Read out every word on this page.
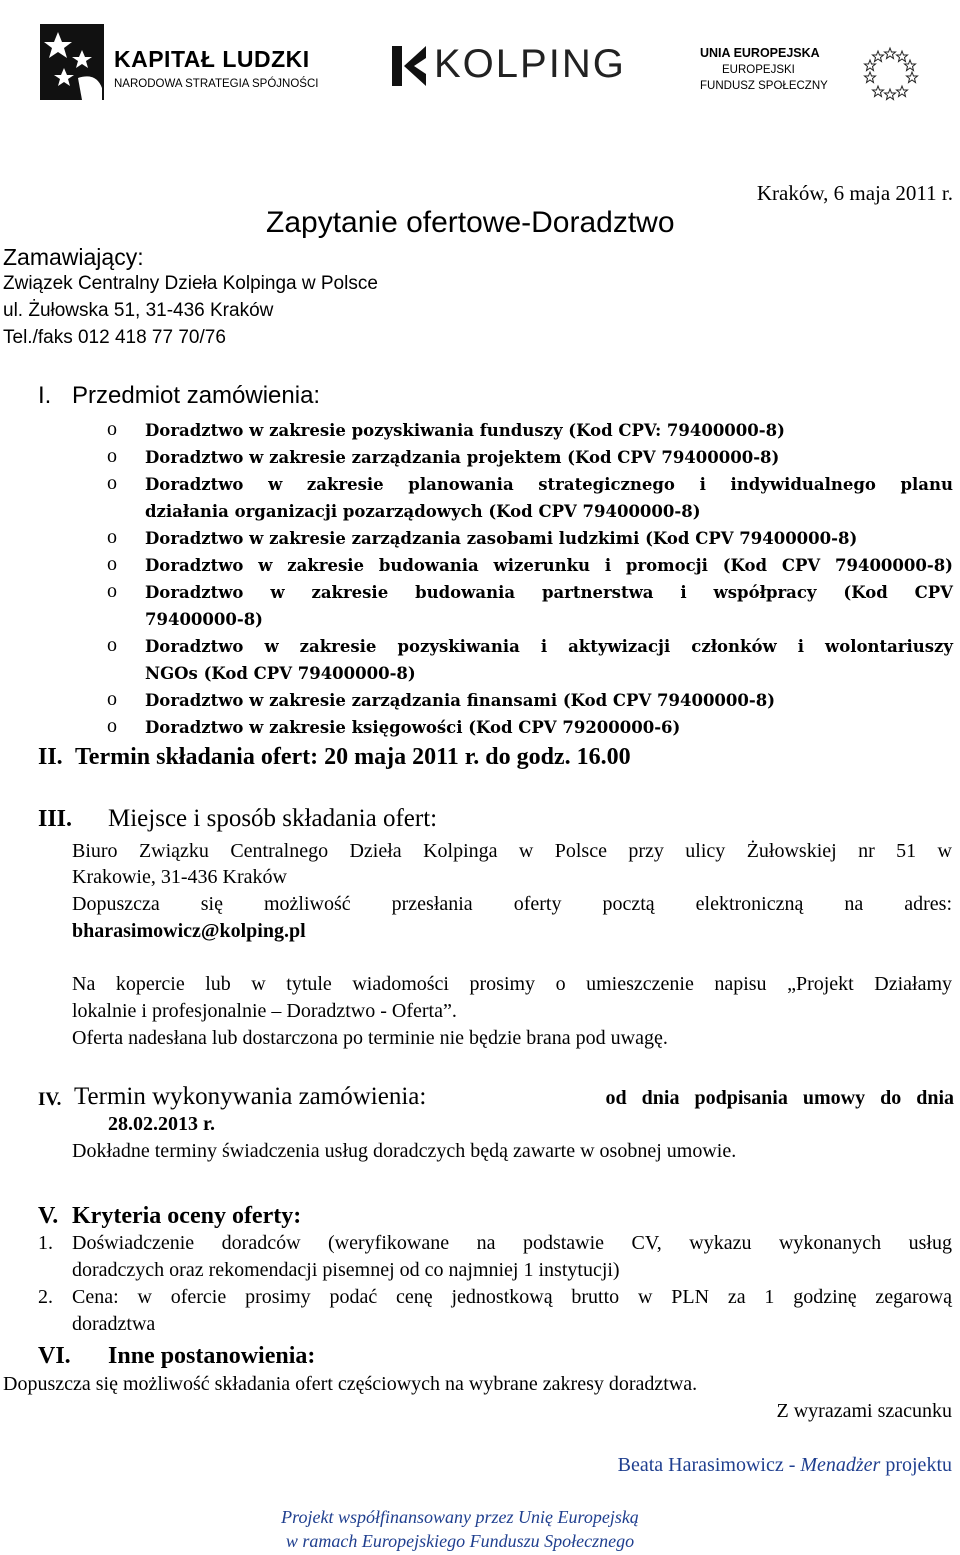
KAPITAŁ LUDZKI
NARODOWA STRATEGIA SPÓJNOŚCI	KOLPING	UNIA EUROPEJSKA
EUROPEJSKI
FUNDUSZ SPOŁECZNY
Kraków, 6 maja 2011 r.
Zapytanie ofertowe-Doradztwo
Zamawiający:
Związek Centralny Dzieła Kolpinga w Polsce
ul. Żułowska 51, 31-436 Kraków
Tel./faks 012 418 77 70/76
I. Przedmiot zamówienia:
o Doradztwo w zakresie pozyskiwania funduszy (Kod CPV: 79400000-8)
o Doradztwo w zakresie zarządzania projektem (Kod CPV 79400000-8)
o Doradztwo w zakresie planowania strategicznego i indywidualnego planu
działania organizacji pozarządowych (Kod CPV 79400000-8)
o Doradztwo w zakresie zarządzania zasobami ludzkimi (Kod CPV 79400000-8)
o Doradztwo w zakresie budowania wizerunku i promocji (Kod CPV 79400000-8)
o Doradztwo w zakresie budowania partnerstwa i współpracy (Kod CPV
79400000-8)
o Doradztwo w zakresie pozyskiwania i aktywizacji członków i wolontariuszy
NGOs (Kod CPV 79400000-8)
o Doradztwo w zakresie zarządzania finansami (Kod CPV 79400000-8)
o Doradztwo w zakresie księgowości (Kod CPV 79200000-6)
II. Termin składania ofert: 20 maja 2011 r. do godz. 16.00
III. Miejsce i sposób składania ofert:
Biuro Związku Centralnego Dzieła Kolpinga w Polsce przy ulicy Żułowskiej nr 51 w
Krakowie, 31-436 Kraków
Dopuszcza się możliwość przesłania oferty pocztą elektroniczną na adres:
bharasimowicz@kolping.pl
Na kopercie lub w tytule wiadomości prosimy o umieszczenie napisu „Projekt Działamy
lokalnie i profesjonalnie – Doradztwo - Oferta”.
Oferta nadesłana lub dostarczona po terminie nie będzie brana pod uwagę.
IV. Termin wykonywania zamówienia:	od dnia podpisania umowy do dnia
28.02.2013 r.
Dokładne terminy świadczenia usług doradczych będą zawarte w osobnej umowie.
V. Kryteria oceny oferty:
1. Doświadczenie doradców (weryfikowane na podstawie CV, wykazu wykonanych usług
doradczych oraz rekomendacji pisemnej od co najmniej 1 instytucji)
2. Cena: w ofercie prosimy podać cenę jednostkową brutto w PLN za 1 godzinę zegarową
doradztwa
VI. Inne postanowienia:
Dopuszcza się możliwość składania ofert częściowych na wybrane zakresy doradztwa.
Z wyrazami szacunku
Beata Harasimowicz - Menadżer projektu
Projekt współfinansowany przez Unię Europejską
w ramach Europejskiego Funduszu Społecznego
